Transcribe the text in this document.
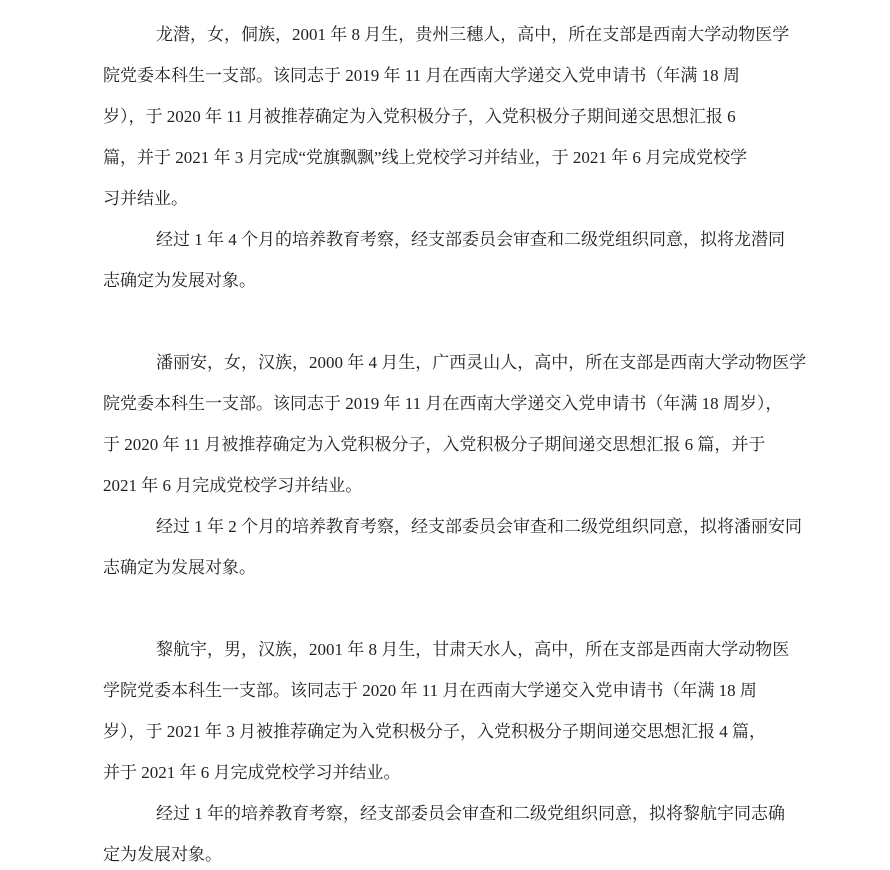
龙潜，女，侗族，2001 年 8 月生，贵州三穗人，高中，所在支部是西南大学动物医学
院党委本科生一支部。该同志于 2019 年 11 月在西南大学递交入党申请书（年满 18 周
岁），于 2020 年 11 月被推荐确定为入党积极分子，入党积极分子期间递交思想汇报 6
篇，并于 2021 年 3 月完成“党旗飘飘”线上党校学习并结业，于 2021 年 6 月完成党校学
习并结业。
经过 1 年 4 个月的培养教育考察，经支部委员会审查和二级党组织同意，拟将龙潜同
志确定为发展对象。
潘丽安，女，汉族，2000 年 4 月生，广西灵山人，高中，所在支部是西南大学动物医学
院党委本科生一支部。该同志于 2019 年 11 月在西南大学递交入党申请书（年满 18 周岁），
于 2020 年 11 月被推荐确定为入党积极分子，入党积极分子期间递交思想汇报 6 篇，并于
2021 年 6 月完成党校学习并结业。
经过 1 年 2 个月的培养教育考察，经支部委员会审查和二级党组织同意，拟将潘丽安同
志确定为发展对象。
黎航宇，男，汉族，2001 年 8 月生，甘肃天水人，高中，所在支部是西南大学动物医
学院党委本科生一支部。该同志于 2020 年 11 月在西南大学递交入党申请书（年满 18 周
岁），于 2021 年 3 月被推荐确定为入党积极分子，入党积极分子期间递交思想汇报 4 篇，
并于 2021 年 6 月完成党校学习并结业。
经过 1 年的培养教育考察，经支部委员会审查和二级党组织同意，拟将黎航宇同志确
定为发展对象。
